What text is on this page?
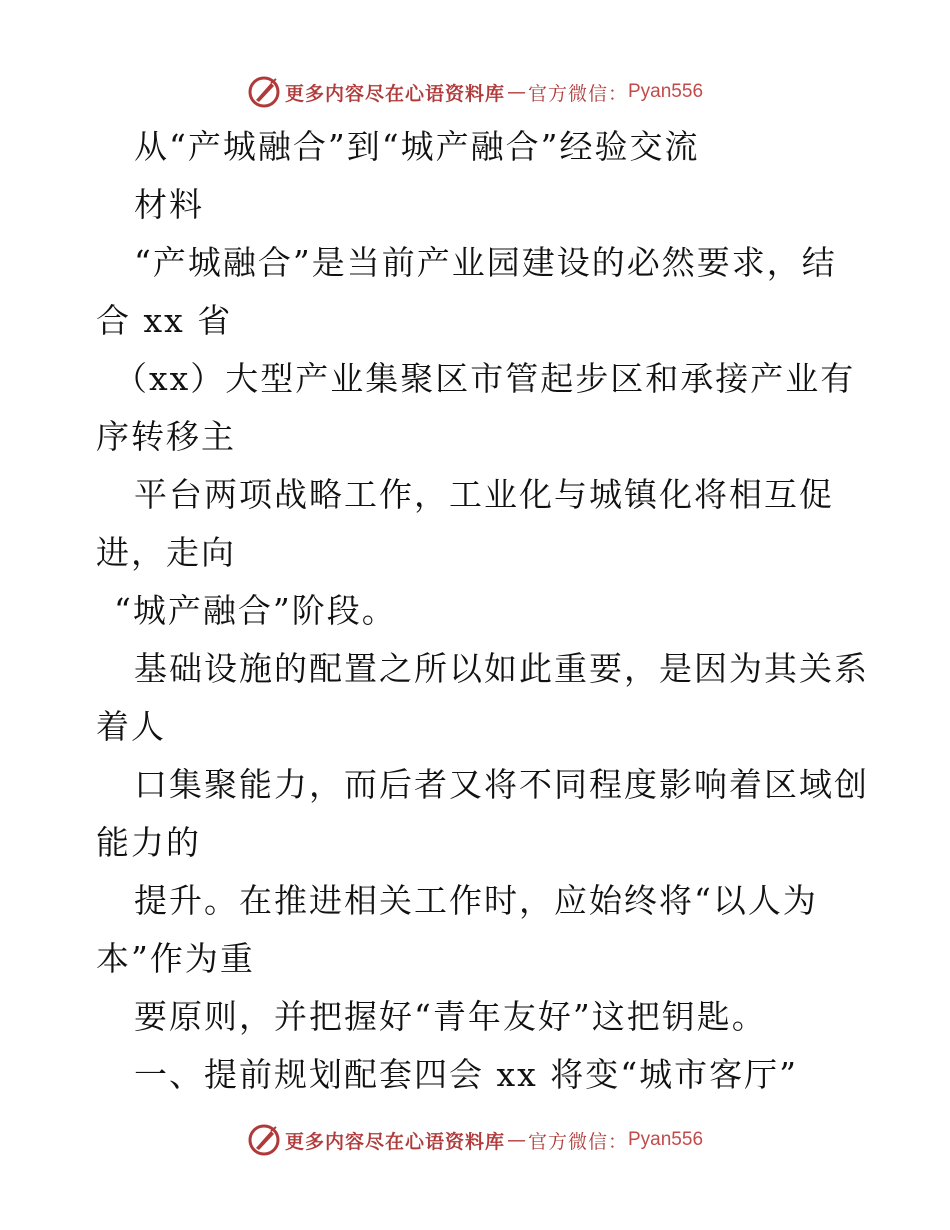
更多内容尽在心语资料库 — 官方微信： Pyan556
从“产城融合”到“城产融合”经验交流
材料
“产城融合”是当前产业园建设的必然要求，结
合 xx 省
（xx）大型产业集聚区市管起步区和承接产业有
序转移主
平台两项战略工作，工业化与城镇化将相互促
进，走向
“城产融合”阶段。
基础设施的配置之所以如此重要，是因为其关系
着人
口集聚能力，而后者又将不同程度影响着区域创
能力的
提升。在推进相关工作时，应始终将“以人为
本”作为重
要原则，并把握好“青年友好”这把钥匙。
一、提前规划配套四会 xx 将变“城市客厅”
更多内容尽在心语资料库 — 官方微信： Pyan556
